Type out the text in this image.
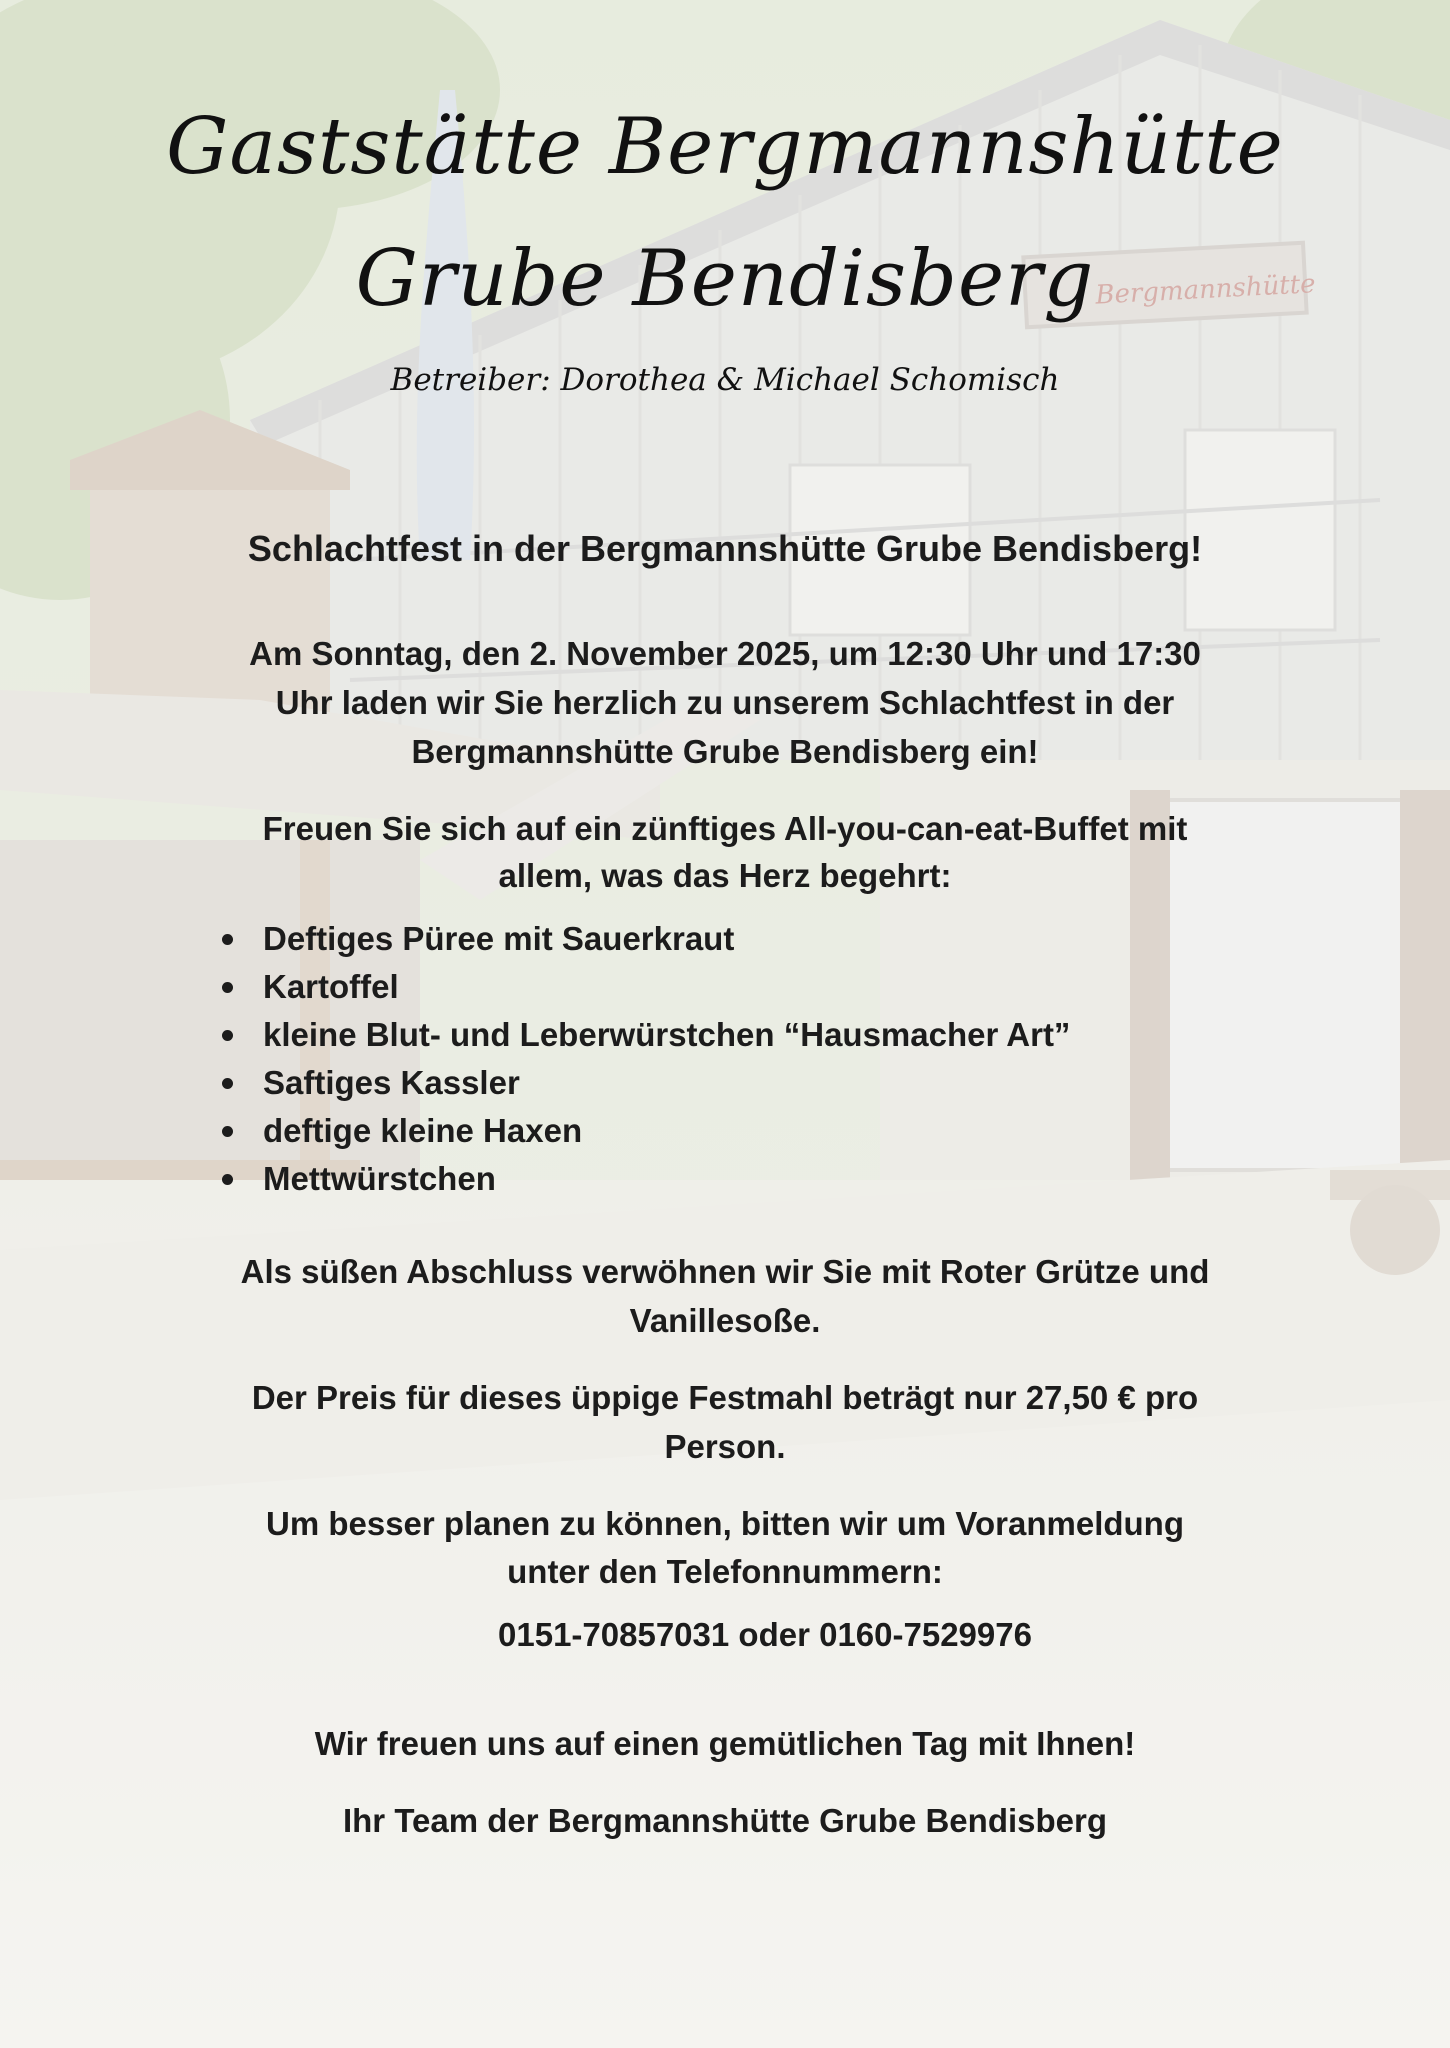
Bergmannshütte
Gaststätte Bergmannshütte
Grube Bendisberg
Betreiber: Dorothea & Michael Schomisch
Schlachtfest in der Bergmannshütte Grube Bendisberg!
Am Sonntag, den 2. November 2025, um 12:30 Uhr und 17:30
Uhr laden wir Sie herzlich zu unserem Schlachtfest in der
Bergmannshütte Grube Bendisberg ein!
Freuen Sie sich auf ein zünftiges All-you-can-eat-Buffet mit
allem, was das Herz begehrt:
Deftiges Püree mit Sauerkraut
Kartoffel
kleine Blut- und Leberwürstchen “Hausmacher Art”
Saftiges Kassler
deftige kleine Haxen
Mettwürstchen
Als süßen Abschluss verwöhnen wir Sie mit Roter Grütze und
Vanillesoße.
Der Preis für dieses üppige Festmahl beträgt nur 27,50 € pro
Person.
Um besser planen zu können, bitten wir um Voranmeldung
unter den Telefonnummern:
0151-70857031 oder 0160-7529976
Wir freuen uns auf einen gemütlichen Tag mit Ihnen!
Ihr Team der Bergmannshütte Grube Bendisberg
